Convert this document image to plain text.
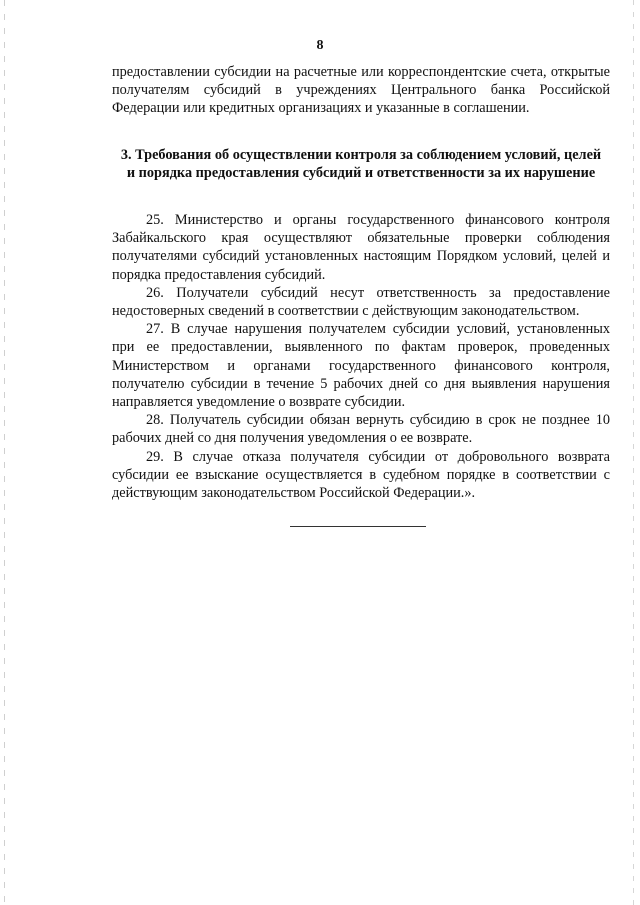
8

предоставлении субсидии на расчетные или корреспондентские счета, открытые получателям субсидий в учреждениях Центрального банка Российской Федерации или кредитных организациях и указанные в соглашении.

3. Требования об осуществлении контроля за соблюдением условий, целей и порядка предоставления субсидий и ответственности за их нарушение

25. Министерство и органы государственного финансового контроля Забайкальского края осуществляют обязательные проверки соблюдения получателями субсидий установленных настоящим Порядком условий, целей и порядка предоставления субсидий.

26. Получатели субсидий несут ответственность за предоставление недостоверных сведений в соответствии с действующим законодательством.

27. В случае нарушения получателем субсидии условий, установленных при ее предоставлении, выявленного по фактам проверок, проведенных Министерством и органами государственного финансового контроля, получателю субсидии в течение 5 рабочих дней со дня выявления нарушения направляется уведомление о возврате субсидии.

28. Получатель субсидии обязан вернуть субсидию в срок не позднее 10 рабочих дней со дня получения уведомления о ее возврате.

29. В случае отказа получателя субсидии от добровольного возврата субсидии ее взыскание осуществляется в судебном порядке в соответствии с действующим законодательством Российской Федерации.».
